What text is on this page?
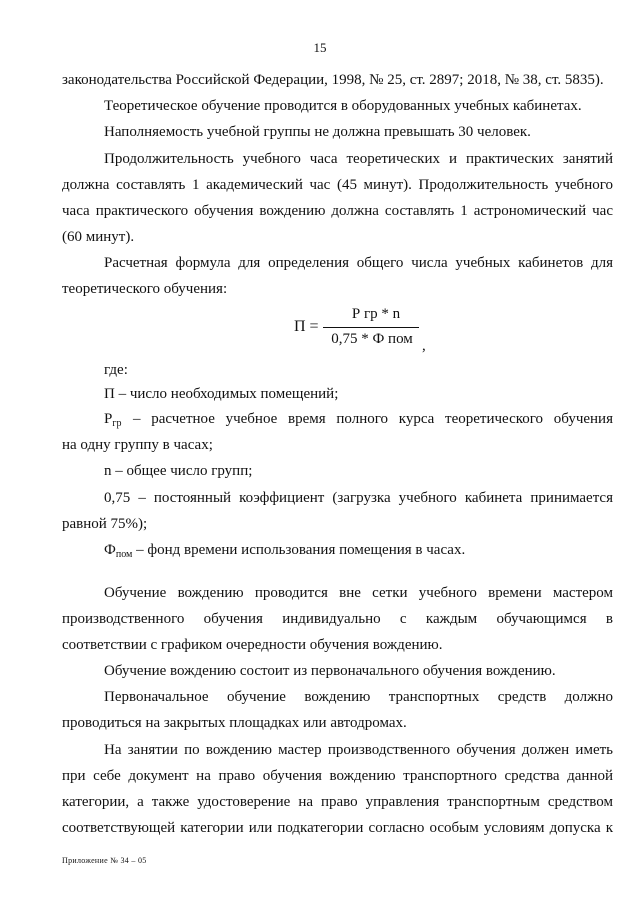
15
законодательства Российской Федерации, 1998, № 25, ст. 2897; 2018, № 38, ст. 5835).
Теоретическое обучение проводится в оборудованных учебных кабинетах.
Наполняемость учебной группы не должна превышать 30 человек.
Продолжительность учебного часа теоретических и практических занятий
должна составлять 1 академический час (45 минут). Продолжительность учебного
часа практического обучения вождению должна составлять 1 астрономический час
(60 минут).
Расчетная формула для определения общего числа учебных кабинетов для
теоретического обучения:
П =
Р гр * n
0,75 * Ф пом ,
где:
П – число необходимых помещений;
$Р_{гр}$ – расчетное учебное время полного курса теоретического обучения
на одну группу в часах;
n – общее число групп;
0,75 – постоянный коэффициент (загрузка учебного кабинета принимается
равной 75%);
$Ф_{пом}$ – фонд времени использования помещения в часах.
Обучение вождению проводится вне сетки учебного времени мастером
производственного обучения индивидуально с каждым обучающимся в
соответствии с графиком очередности обучения вождению.
Обучение вождению состоит из первоначального обучения вождению.
Первоначальное обучение вождению транспортных средств должно
проводиться на закрытых площадках или автодромах.
На занятии по вождению мастер производственного обучения должен иметь
при себе документ на право обучения вождению транспортного средства данной
категории, а также удостоверение на право управления транспортным средством
соответствующей категории или подкатегории согласно особым условиям допуска к
Приложение № 34 – 05
